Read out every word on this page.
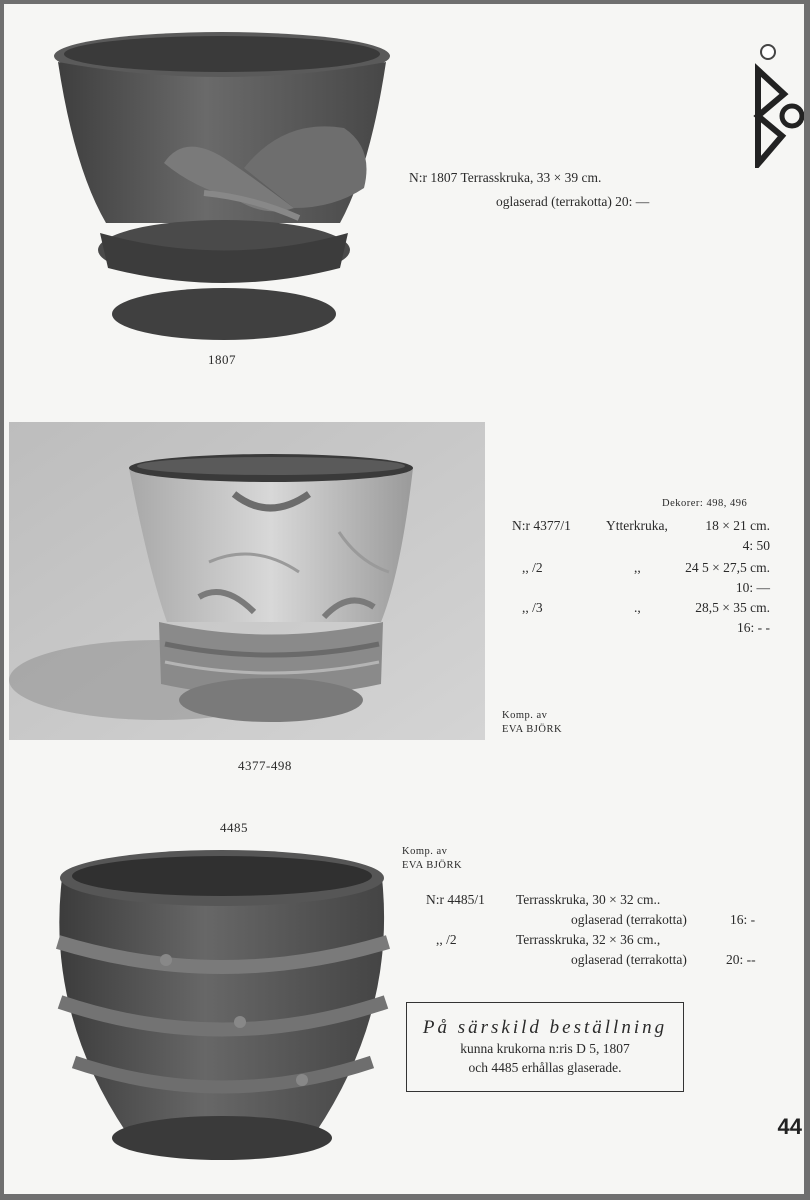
N:r 1807 Terrasskruka, 33 × 39 cm.
oglaserad (terrakotta) 20: —
1807
Dekorer: 498, 496
N:r 4377/1	Ytterkruka,	18 × 21 cm.
4: 50
,, /2	,,	24 5 × 27,5 cm.
10: —
,, /3	.,	28,5 × 35 cm.
16: - -
Komp. av
EVA BJÖRK
4377-498
4485
Komp. av
EVA BJÖRK
N:r 4485/1 Terrasskruka, 30 × 32 cm..
oglaserad (terrakotta)	16: -
,, /2	Terrasskruka, 32 × 36 cm.,
oglaserad (terrakotta)	20: --
På särskild beställning
kunna krukorna n:ris D 5, 1807
och 4485 erhållas glaserade.
44
